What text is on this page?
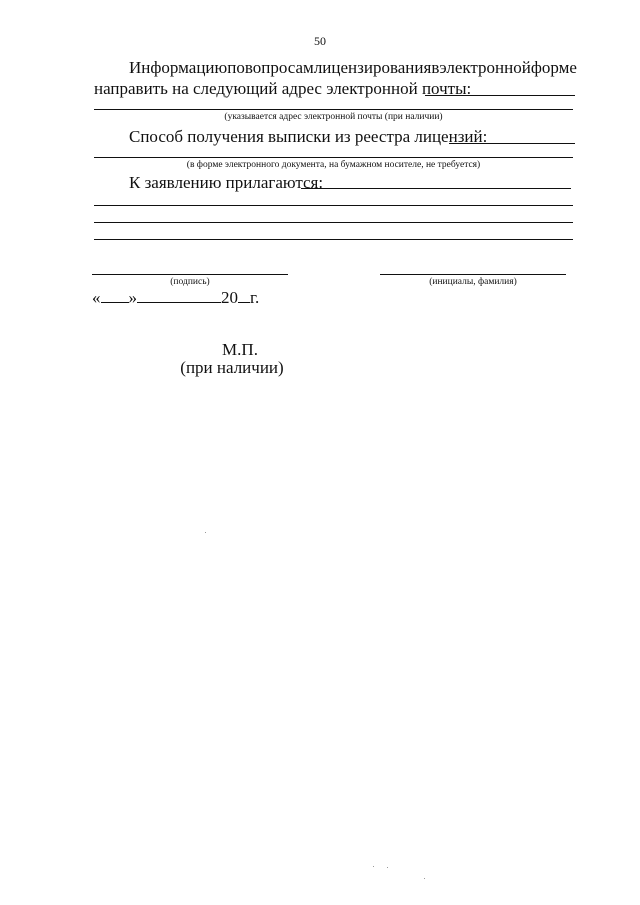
50
Информацию по вопросам лицензирования в электронной форме
направить на следующий адрес электронной почты:
(указывается адрес электронной почты (при наличии)
Способ получения выписки из реестра лицензий:
(в форме электронного документа, на бумажном носителе, не требуется)
К заявлению прилагаются:
(подпись)	(инициалы, фамилия)
« »	20 г.
М.П.
(при наличии)
